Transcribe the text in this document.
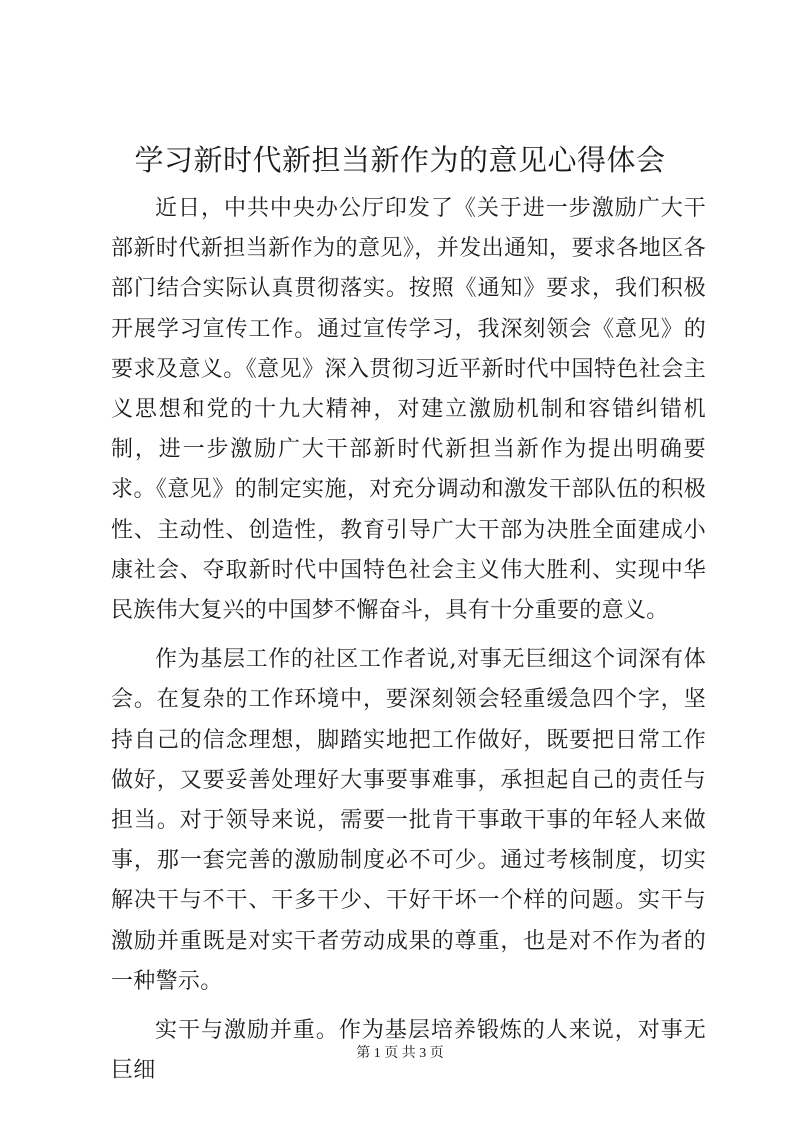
学习新时代新担当新作为的意见心得体会

近日，中共中央办公厅印发了《关于进一步激励广大干部新时代新担当新作为的意见》，并发出通知，要求各地区各部门结合实际认真贯彻落实。按照《通知》要求，我们积极开展学习宣传工作。通过宣传学习，我深刻领会《意见》的要求及意义。《意见》深入贯彻习近平新时代中国特色社会主义思想和党的十九大精神，对建立激励机制和容错纠错机制，进一步激励广大干部新时代新担当新作为提出明确要求。《意见》的制定实施，对充分调动和激发干部队伍的积极性、主动性、创造性，教育引导广大干部为决胜全面建成小康社会、夺取新时代中国特色社会主义伟大胜利、实现中华民族伟大复兴的中国梦不懈奋斗，具有十分重要的意义。

作为基层工作的社区工作者说,对事无巨细这个词深有体会。在复杂的工作环境中，要深刻领会轻重缓急四个字，坚持自己的信念理想，脚踏实地把工作做好，既要把日常工作做好，又要妥善处理好大事要事难事，承担起自己的责任与担当。对于领导来说，需要一批肯干事敢干事的年轻人来做事，那一套完善的激励制度必不可少。通过考核制度，切实解决干与不干、干多干少、干好干坏一个样的问题。实干与激励并重既是对实干者劳动成果的尊重，也是对不作为者的一种警示。

实干与激励并重。作为基层培养锻炼的人来说，对事无巨细

第 1 页 共 3 页
